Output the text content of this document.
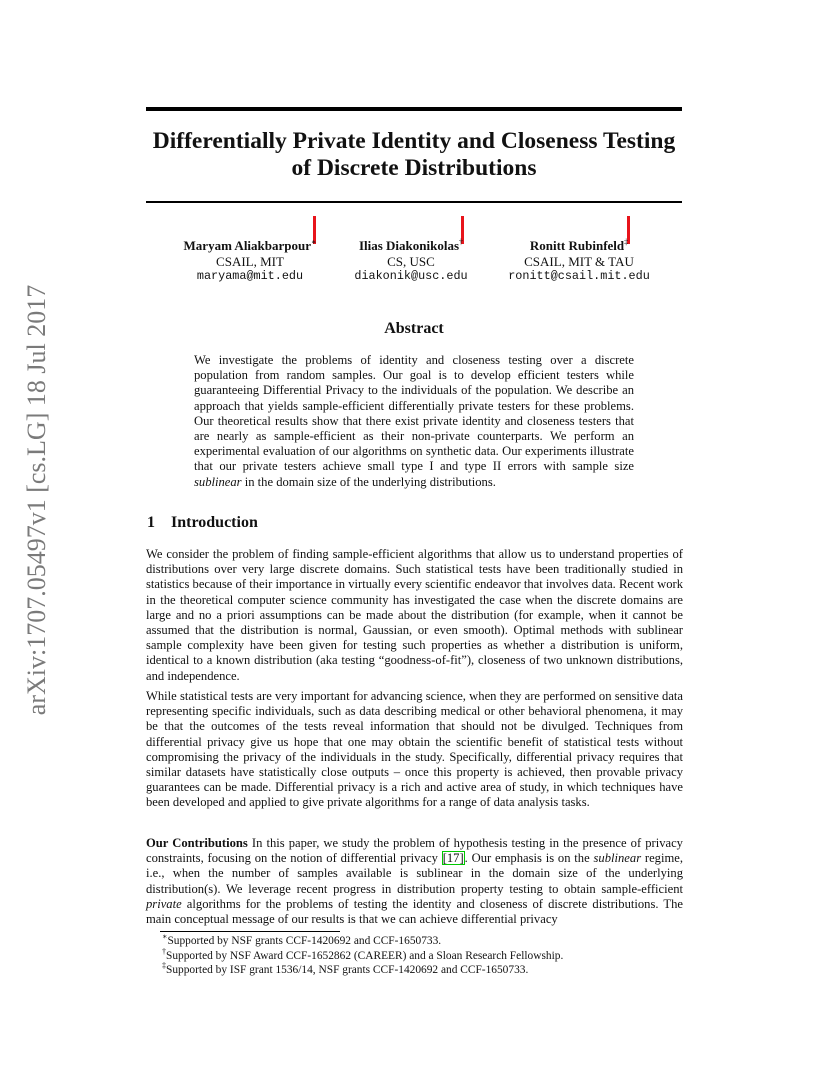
arXiv:1707.05497v1 [cs.LG] 18 Jul 2017
Differentially Private Identity and Closeness Testing
of Discrete Distributions
Maryam Aliakbarpour∗
CSAIL, MIT
maryama@mit.edu
Ilias Diakonikolas†
CS, USC
diakonik@usc.edu
Ronitt Rubinfeld‡
CSAIL, MIT & TAU
ronitt@csail.mit.edu
Abstract
We investigate the problems of identity and closeness testing over a discrete population from random samples. Our goal is to develop efficient testers while guaranteeing Differential Privacy to the individuals of the population. We describe an approach that yields sample-efficient differentially private testers for these problems. Our theoretical results show that there exist private identity and closeness testers that are nearly as sample-efficient as their non-private counterparts. We perform an experimental evaluation of our algorithms on synthetic data. Our experiments illustrate that our private testers achieve small type I and type II errors with sample size sublinear in the domain size of the underlying distributions.
1 Introduction
We consider the problem of finding sample-efficient algorithms that allow us to understand properties of distributions over very large discrete domains. Such statistical tests have been traditionally studied in statistics because of their importance in virtually every scientific endeavor that involves data. Recent work in the theoretical computer science community has investigated the case when the discrete domains are large and no a priori assumptions can be made about the distribution (for example, when it cannot be assumed that the distribution is normal, Gaussian, or even smooth). Optimal methods with sublinear sample complexity have been given for testing such properties as whether a distribution is uniform, identical to a known distribution (aka testing “goodness-of-fit”), closeness of two unknown distributions, and independence.
While statistical tests are very important for advancing science, when they are performed on sensitive data representing specific individuals, such as data describing medical or other behavioral phenomena, it may be that the outcomes of the tests reveal information that should not be divulged. Techniques from differential privacy give us hope that one may obtain the scientific benefit of statistical tests without compromising the privacy of the individuals in the study. Specifically, differential privacy requires that similar datasets have statistically close outputs – once this property is achieved, then provable privacy guarantees can be made. Differential privacy is a rich and active area of study, in which techniques have been developed and applied to give private algorithms for a range of data analysis tasks.
Our Contributions In this paper, we study the problem of hypothesis testing in the presence of privacy constraints, focusing on the notion of differential privacy [17]. Our emphasis is on the sublinear regime, i.e., when the number of samples available is sublinear in the domain size of the underlying distribution(s). We leverage recent progress in distribution property testing to obtain sample-efficient private algorithms for the problems of testing the identity and closeness of discrete distributions. The main conceptual message of our results is that we can achieve differential privacy
∗Supported by NSF grants CCF-1420692 and CCF-1650733.
†Supported by NSF Award CCF-1652862 (CAREER) and a Sloan Research Fellowship.
‡Supported by ISF grant 1536/14, NSF grants CCF-1420692 and CCF-1650733.
